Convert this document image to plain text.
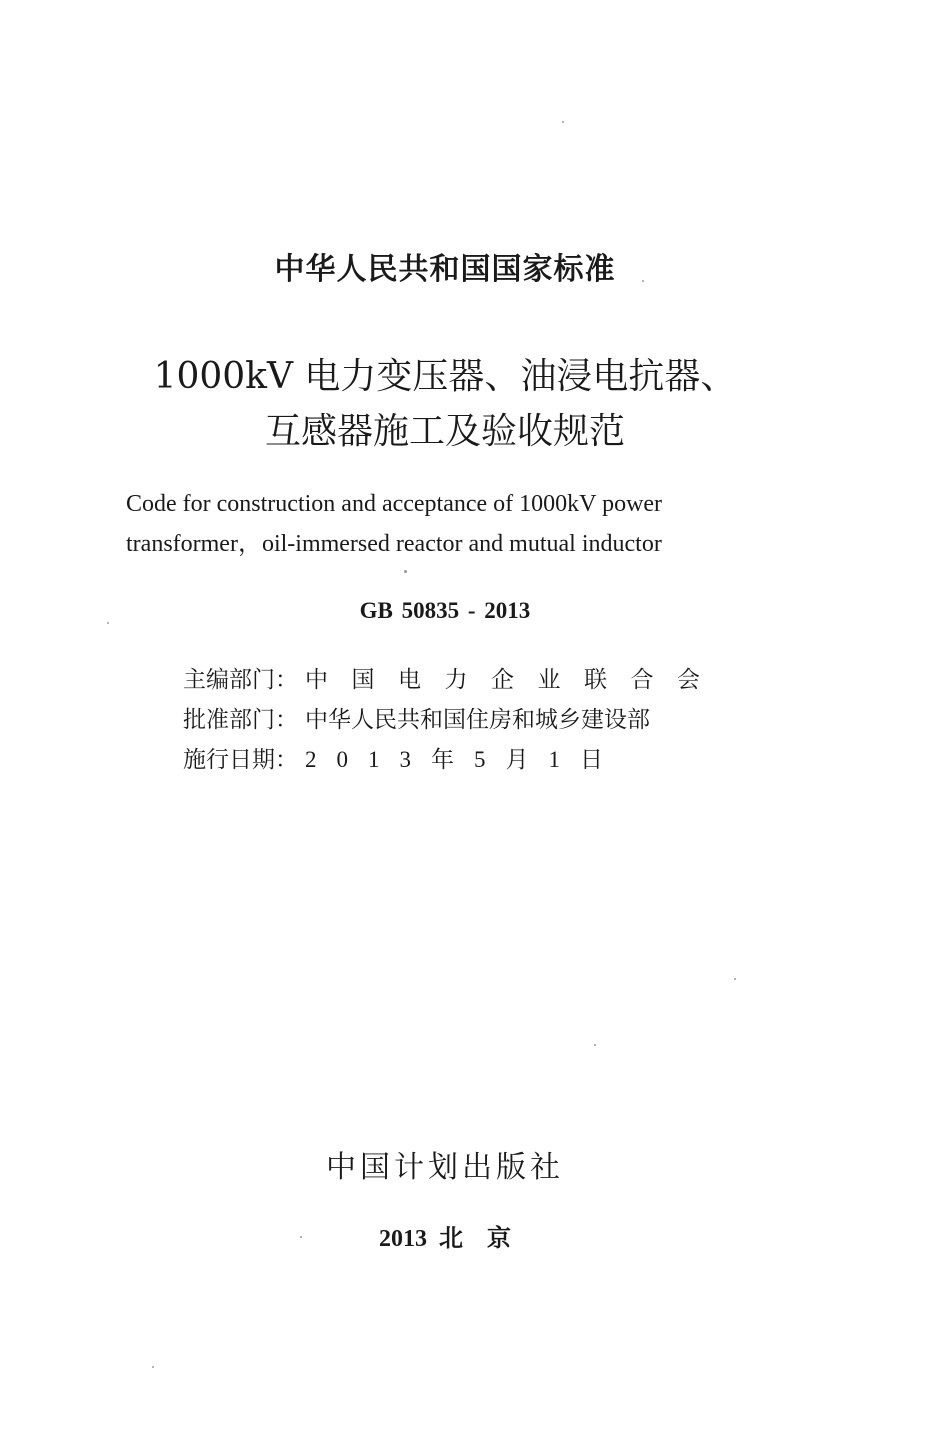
中华人民共和国国家标准
1000kV 电力变压器、油浸电抗器、
互感器施工及验收规范
Code for construction and acceptance of 1000kV power
transformer，oil-immersed reactor and mutual inductor
GB 50835 - 2013
主编部门： 中国电力企业联合会
批准部门： 中华人民共和国住房和城乡建设部
施行日期： 2013年5月1日
中国计划出版社
2013  北    京
